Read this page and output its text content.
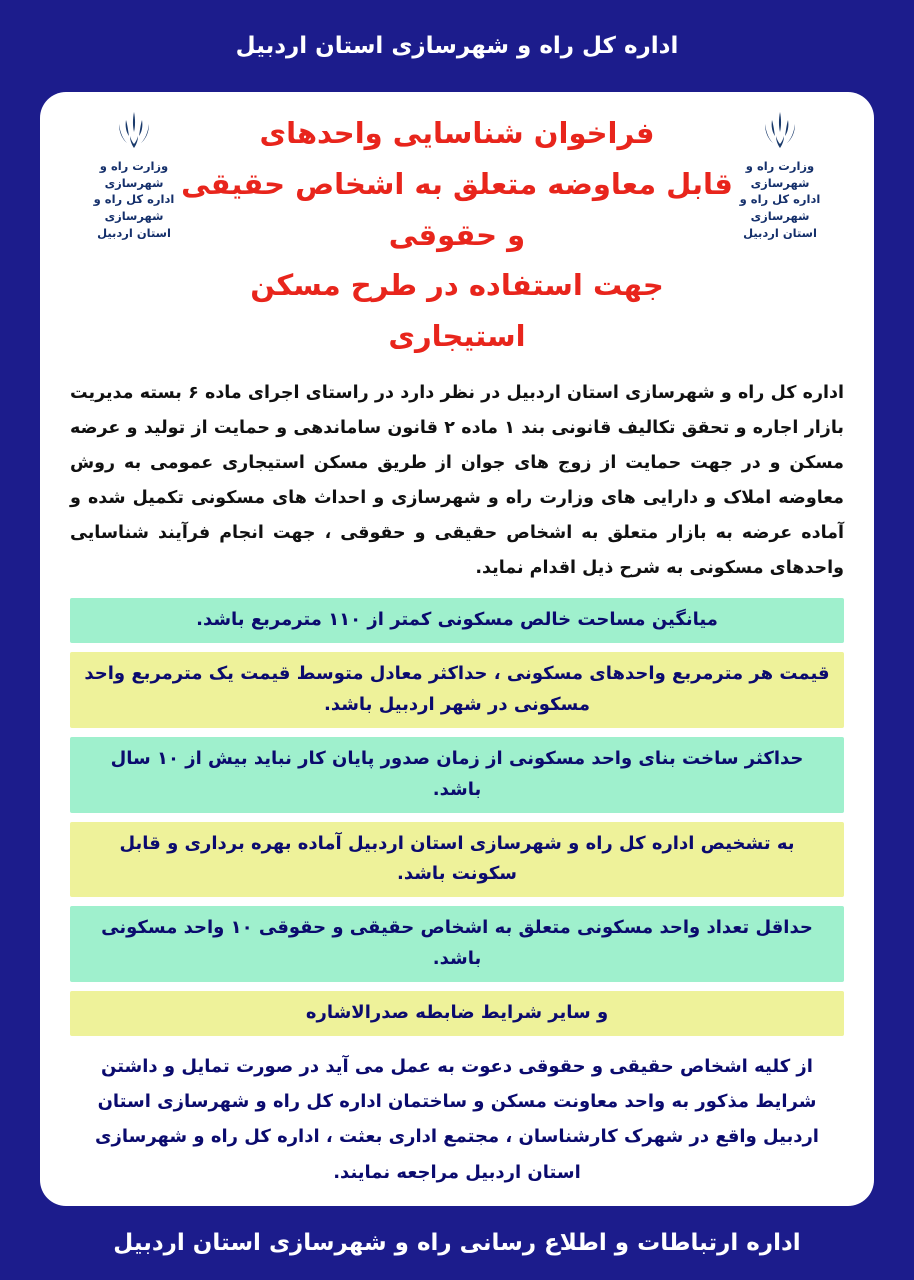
اداره کل راه و شهرسازی استان اردبیل
وزارت راه و شهرسازی
اداره کل راه و شهرسازی
استان اردبیل
وزارت راه و شهرسازی
اداره کل راه و شهرسازی
استان اردبیل
فراخوان شناسایی واحدهای
قابل معاوضه متعلق به اشخاص حقیقی و حقوقی
جهت استفاده در طرح مسکن استیجاری
اداره کل راه و شهرسازی استان اردبیل در نظر دارد در راستای اجرای ماده ۶ بسته مدیریت بازار اجاره و تحقق تکالیف قانونی بند ۱ ماده ۲ قانون ساماندهی و حمایت از تولید و عرضه مسکن و در جهت حمایت از زوج های جوان از طریق مسکن استیجاری عمومی به روش معاوضه املاک و دارایی های وزارت راه و شهرسازی و احداث های مسکونی تکمیل شده و آماده عرضه به بازار متعلق به اشخاص حقیقی و حقوقی ، جهت انجام فرآیند شناسایی واحدهای مسکونی به شرح ذیل اقدام نماید.
میانگین مساحت خالص مسکونی کمتر از ۱۱۰ مترمربع باشد.
قیمت هر مترمربع واحدهای مسکونی ، حداکثر معادل متوسط قیمت یک مترمربع واحد مسکونی در شهر اردبیل باشد.
حداکثر ساخت بنای واحد مسکونی از زمان صدور پایان کار نباید بیش از ۱۰ سال باشد.
به تشخیص اداره کل راه و شهرسازی استان اردبیل آماده بهره برداری و قابل سکونت باشد.
حداقل تعداد واحد مسکونی متعلق به اشخاص حقیقی و حقوقی ۱۰ واحد مسکونی باشد.
و سایر شرایط ضابطه صدرالاشاره
از کلیه اشخاص حقیقی و حقوقی دعوت به عمل می آید در صورت تمایل و داشتن شرایط مذکور به واحد معاونت مسکن و ساختمان اداره کل راه و شهرسازی استان اردبیل واقع در شهرک کارشناسان ، مجتمع اداری بعثت ، اداره کل راه و شهرسازی استان اردبیل مراجعه نمایند.
اداره ارتباطات و اطلاع رسانی راه و شهرسازی استان اردبیل
